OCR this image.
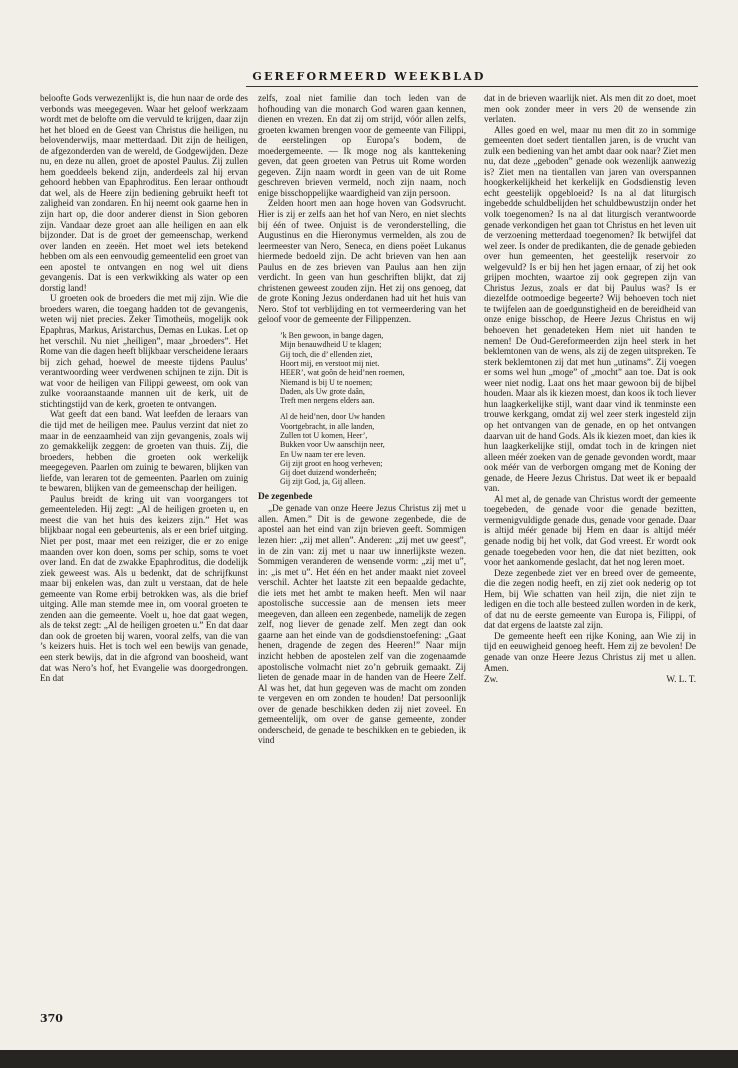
GEREFORMEERD WEEKBLAD

beloofte Gods verwezenlijkt is, die hun naar de orde des verbonds was meegegeven. Waar het geloof werkzaam wordt met de belofte om die vervuld te krijgen, daar zijn het het bloed en de Geest van Christus die heiligen, nu belovenderwijs, maar metterdaad. Dit zijn de heiligen, de afgezonderden van de wereld, de Godgewijden. Deze nu, en deze nu allen, groet de apostel Paulus. Zij zullen hem goeddeels bekend zijn, anderdeels zal hij ervan gehoord hebben van Epaphroditus. Een leraar onthoudt dat wel, als de Heere zijn bediening gebruikt heeft tot zaligheid van zondaren. En hij neemt ook gaarne hen in zijn hart op, die door anderer dienst in Sion geboren zijn. Vandaar deze groet aan alle heiligen en aan elk bijzonder. Dat is de groet der gemeenschap, werkend over landen en zeeën. Het moet wel iets betekend hebben om als een eenvoudig gemeentelid een groet van een apostel te ontvangen en nog wel uit diens gevangenis. Dat is een verkwikking als water op een dorstig land!

U groeten ook de broeders die met mij zijn. Wie die broeders waren, die toegang hadden tot de gevangenis, weten wij niet precies. Zeker Timotheüs, mogelijk ook Epaphras, Markus, Aristarchus, Demas en Lukas. Let op het verschil. Nu niet „heiligen”, maar „broeders”. Het Rome van die dagen heeft blijkbaar verscheidene leraars bij zich gehad, hoewel de meeste tijdens Paulus’ verantwoording weer verdwenen schijnen te zijn. Dit is wat voor de heiligen van Filippi geweest, om ook van zulke vooraanstaande mannen uit de kerk, uit de stichtingstijd van de kerk, groeten te ontvangen.

Wat geeft dat een band. Wat leefden de leraars van die tijd met de heiligen mee. Paulus verzint dat niet zo maar in de eenzaamheid van zijn gevangenis, zoals wij zo gemakkelijk zeggen: de groeten van thuis. Zij, die broeders, hebben die groeten ook werkelijk meegegeven. Paarlen om zuinig te bewaren, blijken van liefde, van leraren tot de gemeenten. Paarlen om zuinig te bewaren, blijken van de gemeenschap der heiligen.

Paulus breidt de kring uit van voorgangers tot gemeenteleden. Hij zegt: „Al de heiligen groeten u, en meest die van het huis des keizers zijn.” Het was blijkbaar nogal een gebeurtenis, als er een brief uitging. Niet per post, maar met een reiziger, die er zo enige maanden over kon doen, soms per schip, soms te voet over land. En dat de zwakke Epaphroditus, die dodelijk ziek geweest was. Als u bedenkt, dat de schrijfkunst maar bij enkelen was, dan zult u verstaan, dat de hele gemeente van Rome erbij betrokken was, als die brief uitging. Alle man stemde mee in, om vooral groeten te zenden aan die gemeente. Voelt u, hoe dat gaat wegen, als de tekst zegt: „Al de heiligen groeten u.” En dat daar dan ook de groeten bij waren, vooral zelfs, van die van ’s keizers huis. Het is toch wel een bewijs van genade, een sterk bewijs, dat in die afgrond van boosheid, want dat was Nero’s hof, het Evangelie was doorgedrongen. En dat

zelfs, zoal niet familie dan toch leden van de hofhouding van die monarch God waren gaan kennen, dienen en vrezen. En dat zij om strijd, vóór allen zelfs, groeten kwamen brengen voor de gemeente van Filippi, de eerstelingen op Europa’s bodem, de moedergemeente. — Ik moge nog als kanttekening geven, dat geen groeten van Petrus uit Rome worden gegeven. Zijn naam wordt in geen van de uit Rome geschreven brieven vermeld, noch zijn naam, noch enige bisschoppelijke waardigheid van zijn persoon.

Zelden hoort men aan hoge hoven van Godsvrucht. Hier is zij er zelfs aan het hof van Nero, en niet slechts bij één of twee. Onjuist is de veronderstelling, die Augustinus en die Hieronymus vermelden, als zou de leermeester van Nero, Seneca, en diens poëet Lukanus hiermede bedoeld zijn. De acht brieven van hen aan Paulus en de zes brieven van Paulus aan hen zijn verdicht. In geen van hun geschriften blijkt, dat zij christenen geweest zouden zijn. Het zij ons genoeg, dat de grote Koning Jezus onderdanen had uit het huis van Nero. Stof tot verblijding en tot vermeerdering van het geloof voor de gemeente der Filippenzen.

’k Ben gewoon, in bange dagen,
Mijn benauwdheid U te klagen;
Gij toch, die d’ ellenden ziet,
Hoort mij, en verstoot mij niet.
HEER’, wat goôn de heid’nen roemen,
Niemand is bij U te noemen;
Daden, als Uw grote daân,
Treft men nergens elders aan.
Al de heid’nen, door Uw handen
Voortgebracht, in alle landen,
Zullen tot U komen, Heer’,
Bukken voor Uw aanschijn neer,
En Uw naam ter ere leven.
Gij zijt groot en hoog verheven;
Gij doet duizend wonderheên;
Gij zijt God, ja, Gij alleen.
De zegenbede

„De genade van onze Heere Jezus Christus zij met u allen. Amen.” Dit is de gewone zegenbede, die de apostel aan het eind van zijn brieven geeft. Sommigen lezen hier: „zij met allen”. Anderen: „zij met uw geest”, in de zin van: zij met u naar uw innerlijkste wezen. Sommigen veranderen de wensende vorm: „zij met u”, in: „is met u”. Het één en het ander maakt niet zoveel verschil. Achter het laatste zit een bepaalde gedachte, die iets met het ambt te maken heeft. Men wil naar apostolische successie aan de mensen iets meer meegeven, dan alleen een zegenbede, namelijk de zegen zelf, nog liever de genade zelf. Men zegt dan ook gaarne aan het einde van de godsdienstoefening: „Gaat henen, dragende de zegen des Heeren!” Naar mijn inzicht hebben de apostelen zelf van die zogenaamde apostolische volmacht niet zo’n gebruik gemaakt. Zij lieten de genade maar in de handen van de Heere Zelf. Al was het, dat hun gegeven was de macht om zonden te vergeven en om zonden te houden! Dat persoonlijk over de genade beschikken deden zij niet zoveel. En gemeentelijk, om over de ganse gemeente, zonder onderscheid, de genade te beschikken en te gebieden, ik vind

dat in de brieven waarlijk niet. Als men dit zo doet, moet men ook zonder meer in vers 20 de wensende zin verlaten.

Alles goed en wel, maar nu men dit zo in sommige gemeenten doet sedert tientallen jaren, is de vrucht van zulk een bediening van het ambt daar ook naar? Ziet men nu, dat deze „geboden” genade ook wezenlijk aanwezig is? Ziet men na tientallen van jaren van overspannen hoogkerkelijkheid het kerkelijk en Godsdienstig leven echt geestelijk opgebloeid? Is na al dat liturgisch ingebedde schuldbelijden het schuldbewustzijn onder het volk toegenomen? Is na al dat liturgisch verantwoorde genade verkondigen het gaan tot Christus en het leven uit de verzoening metterdaad toegenomen? Ik betwijfel dat wel zeer. Is onder de predikanten, die de genade gebieden over hun gemeenten, het geestelijk reservoir zo welgevuld? Is er bij hen het jagen ernaar, of zij het ook grijpen mochten, waartoe zij ook gegrepen zijn van Christus Jezus, zoals er dat bij Paulus was? Is er diezelfde ootmoedige begeerte? Wij behoeven toch niet te twijfelen aan de goedgunstigheid en de bereidheid van onze enige bisschop, de Heere Jezus Christus en wij behoeven het genadeteken Hem niet uit handen te nemen! De Oud-Gereformeerden zijn heel sterk in het beklemtonen van de wens, als zij de zegen uitspreken. Te sterk beklemtonen zij dat met hun „utinams”. Zij voegen er soms wel hun „moge” of „mocht” aan toe. Dat is ook weer niet nodig. Laat ons het maar gewoon bij de bijbel houden. Maar als ik kiezen moest, dan koos ik toch liever hun laagkerkelijke stijl, want daar vind ik tenminste een trouwe kerkgang, omdat zij wel zeer sterk ingesteld zijn op het ontvangen van de genade, en op het ontvangen daarvan uit de hand Gods. Als ik kiezen moet, dan kies ik hun laagkerkelijke stijl, omdat toch in de kringen niet alleen méér zoeken van de genade gevonden wordt, maar ook méér van de verborgen omgang met de Koning der genade, de Heere Jezus Christus. Dat weet ik er bepaald van.

Al met al, de genade van Christus wordt der gemeente toegebeden, de genade voor die genade bezitten, vermenigvuldigde genade dus, genade voor genade. Daar is altijd méér genade bij Hem en daar is altijd méér genade nodig bij het volk, dat God vreest. Er wordt ook genade toegebeden voor hen, die dat niet bezitten, ook voor het aankomende geslacht, dat het nog leren moet.

Deze zegenbede ziet ver en breed over de gemeente, die die zegen nodig heeft, en zij ziet ook nederig op tot Hem, bij Wie schatten van heil zijn, die niet zijn te ledigen en die toch alle besteed zullen worden in de kerk, of dat nu de eerste gemeente van Europa is, Filippi, of dat dat ergens de laatste zal zijn.

De gemeente heeft een rijke Koning, aan Wie zij in tijd en eeuwigheid genoeg heeft. Hem zij ze bevolen! De genade van onze Heere Jezus Christus zij met u allen. Amen.

Zw.	W. L. T.
370
